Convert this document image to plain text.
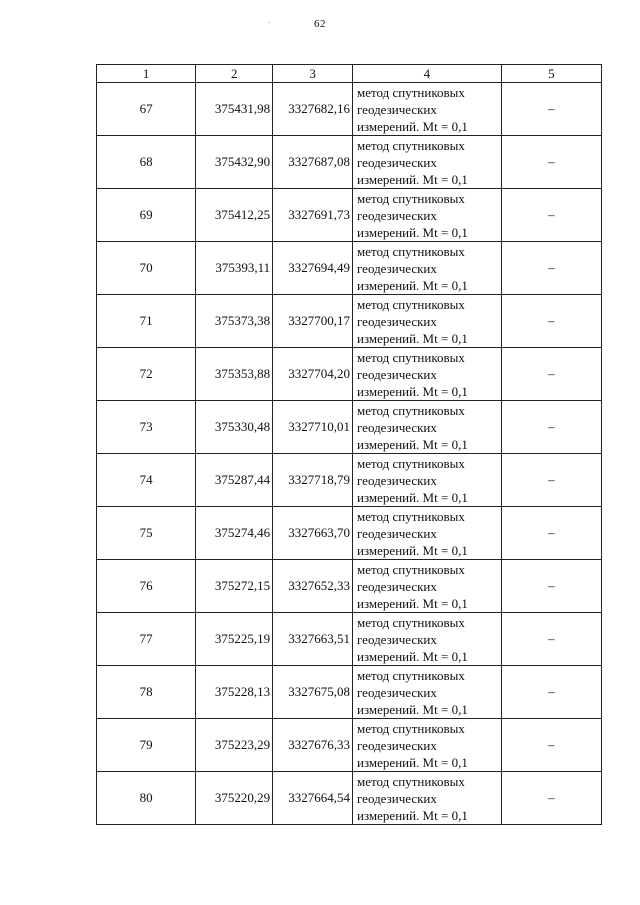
.	62
1	2	3	4	5
67	375431,98	3327682,16	метод спутниковых
геодезических
измерений. Mt = 0,1	–
68	375432,90	3327687,08	метод спутниковых
геодезических
измерений. Mt = 0,1	–
69	375412,25	3327691,73	метод спутниковых
геодезических
измерений. Mt = 0,1	–
70	375393,11	3327694,49	метод спутниковых
геодезических
измерений. Mt = 0,1	–
71	375373,38	3327700,17	метод спутниковых
геодезических
измерений. Mt = 0,1	–
72	375353,88	3327704,20	метод спутниковых
геодезических
измерений. Mt = 0,1	–
73	375330,48	3327710,01	метод спутниковых
геодезических
измерений. Mt = 0,1	–
74	375287,44	3327718,79	метод спутниковых
геодезических
измерений. Mt = 0,1	–
75	375274,46	3327663,70	метод спутниковых
геодезических
измерений. Mt = 0,1	–
76	375272,15	3327652,33	метод спутниковых
геодезических
измерений. Mt = 0,1	–
77	375225,19	3327663,51	метод спутниковых
геодезических
измерений. Mt = 0,1	–
78	375228,13	3327675,08	метод спутниковых
геодезических
измерений. Mt = 0,1	–
79	375223,29	3327676,33	метод спутниковых
геодезических
измерений. Mt = 0,1	–
80	375220,29	3327664,54	метод спутниковых
геодезических
измерений. Mt = 0,1	–
